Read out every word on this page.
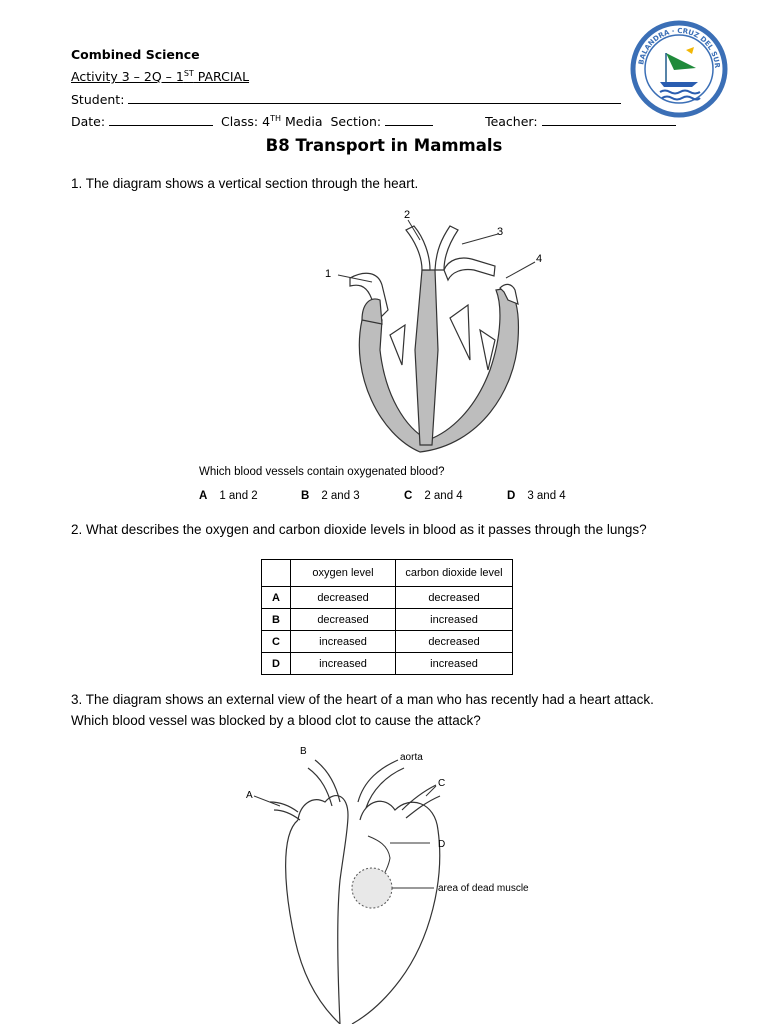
Combined Science
Activity 3 – 2Q – 1ST PARCIAL
Student:
Date:	Class: 4TH Media Section:	Teacher:
BALANDRA · CRUZ DEL SUR
B8 Transport in Mammals
1. The diagram shows a vertical section through the heart.
1
2
3
4
Which blood vessels contain oxygenated blood?
A 1 and 2	B 2 and 3	C 2 and 4	D 3 and 4
2. What describes the oxygen and carbon dioxide levels in blood as it passes through the lungs?
	oxygen level	carbon dioxide level
A	decreased	decreased
B	decreased	increased
C	increased	decreased
D	increased	increased
3. The diagram shows an external view of the heart of a man who has recently had a heart attack.
Which blood vessel was blocked by a blood clot to cause the attack?
A
B
aorta
C
D
area of dead muscle
